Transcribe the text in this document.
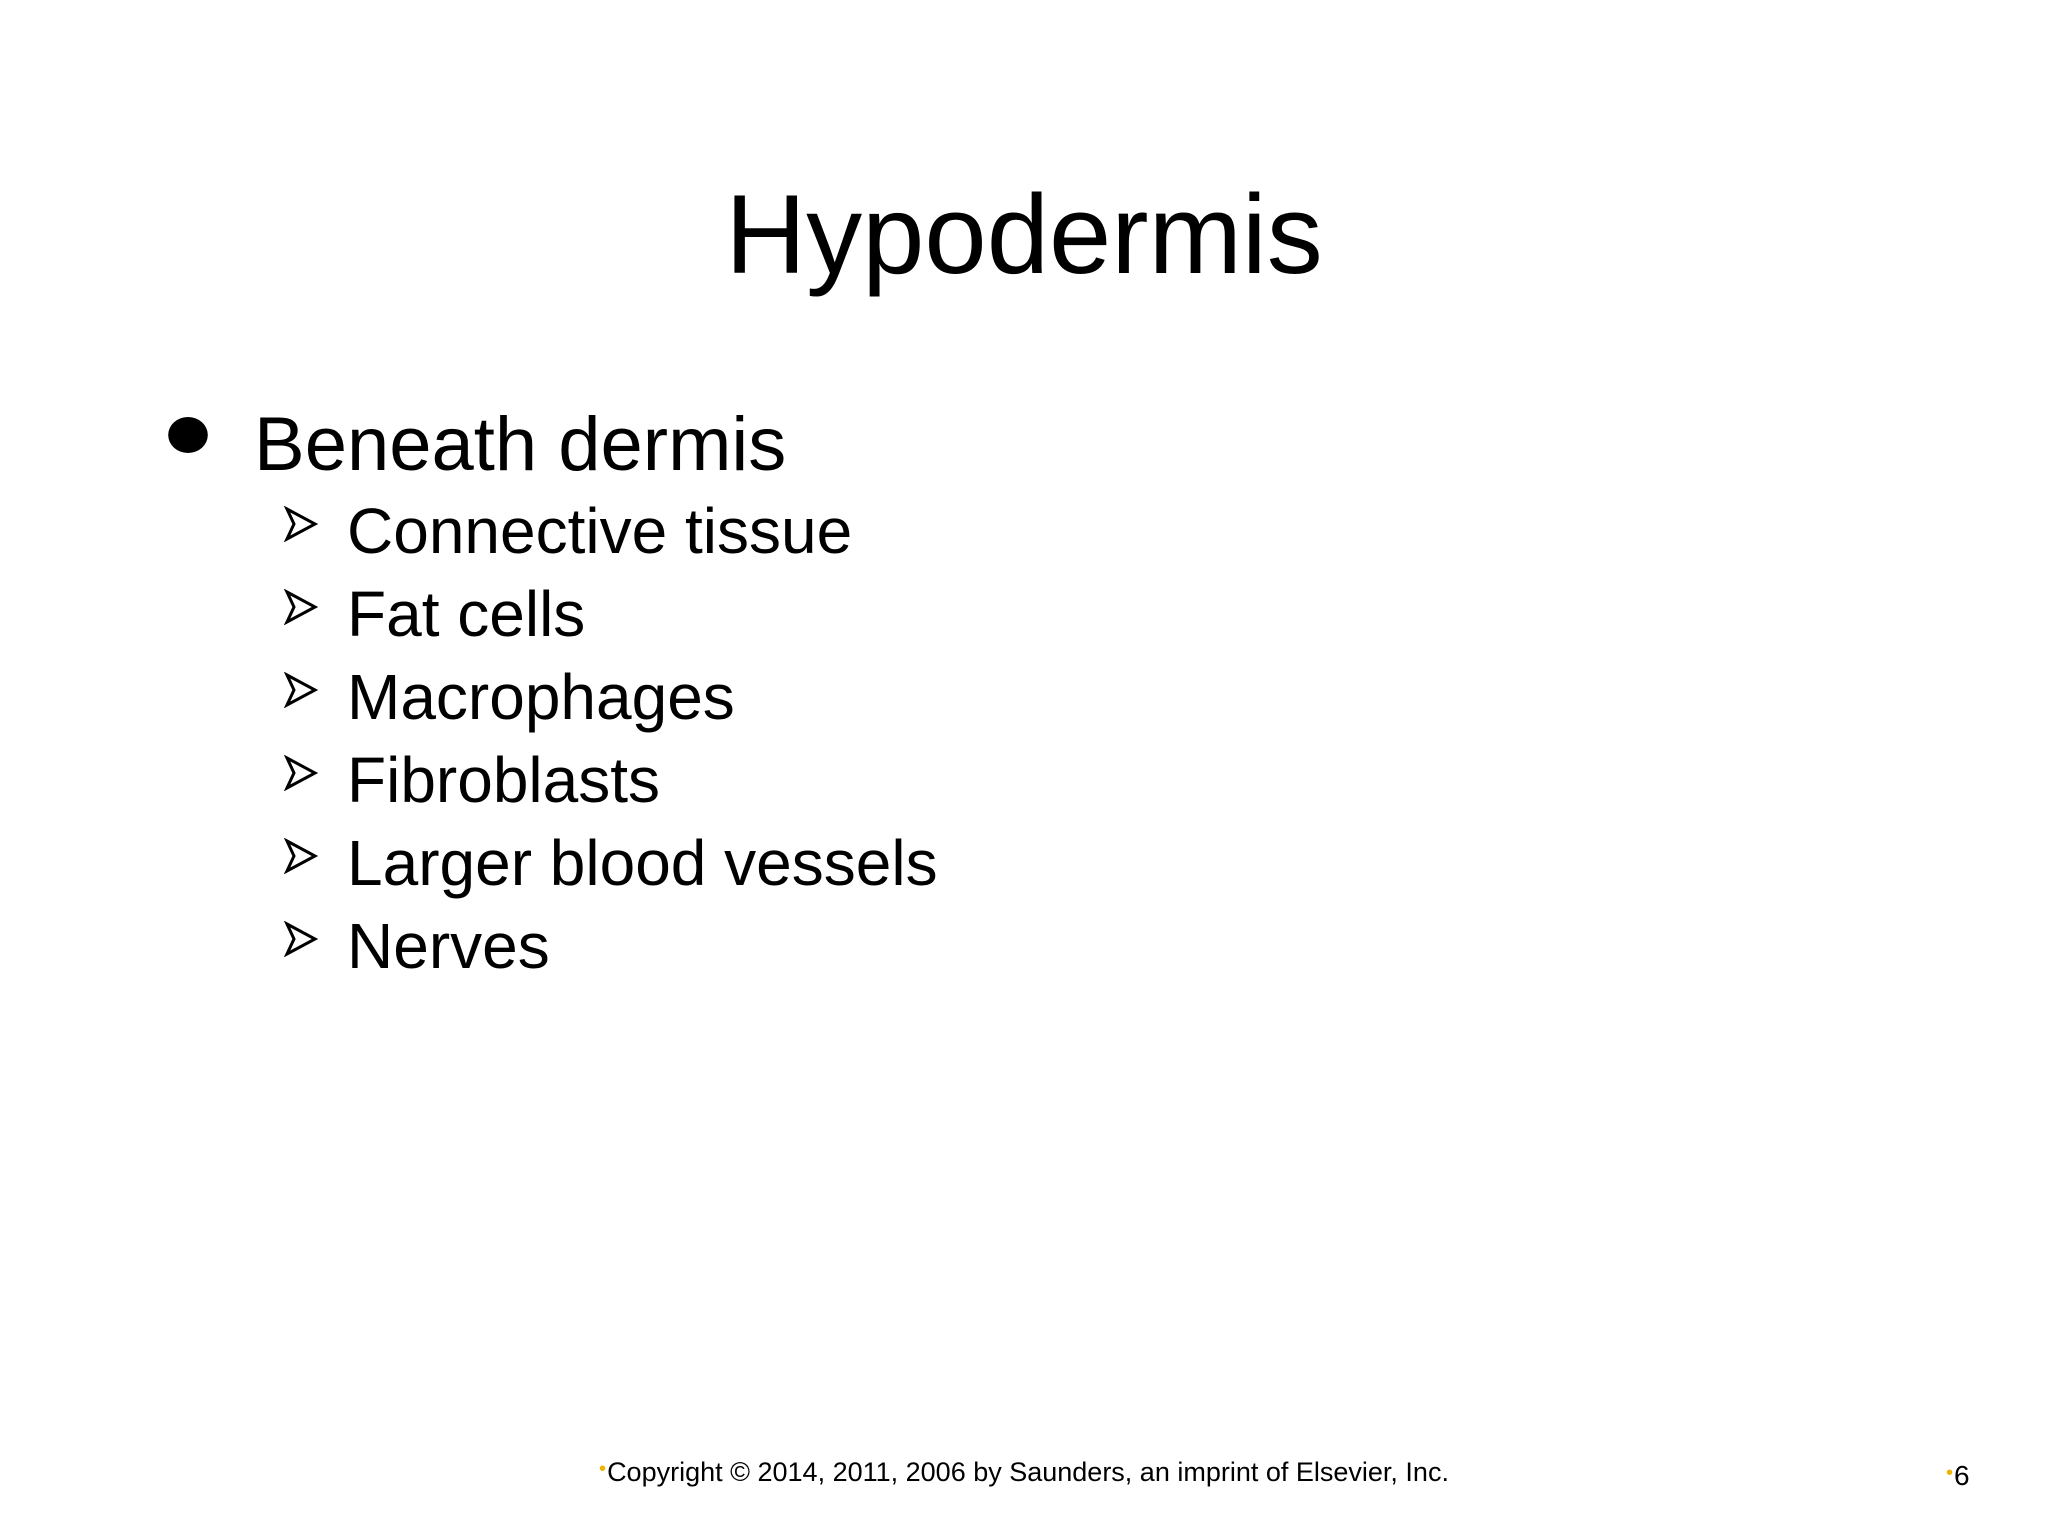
Hypodermis
Beneath dermis
Connective tissue
Fat cells
Macrophages
Fibroblasts
Larger blood vessels
Nerves
•Copyright © 2014, 2011, 2006 by Saunders, an imprint of Elsevier, Inc.	•6
